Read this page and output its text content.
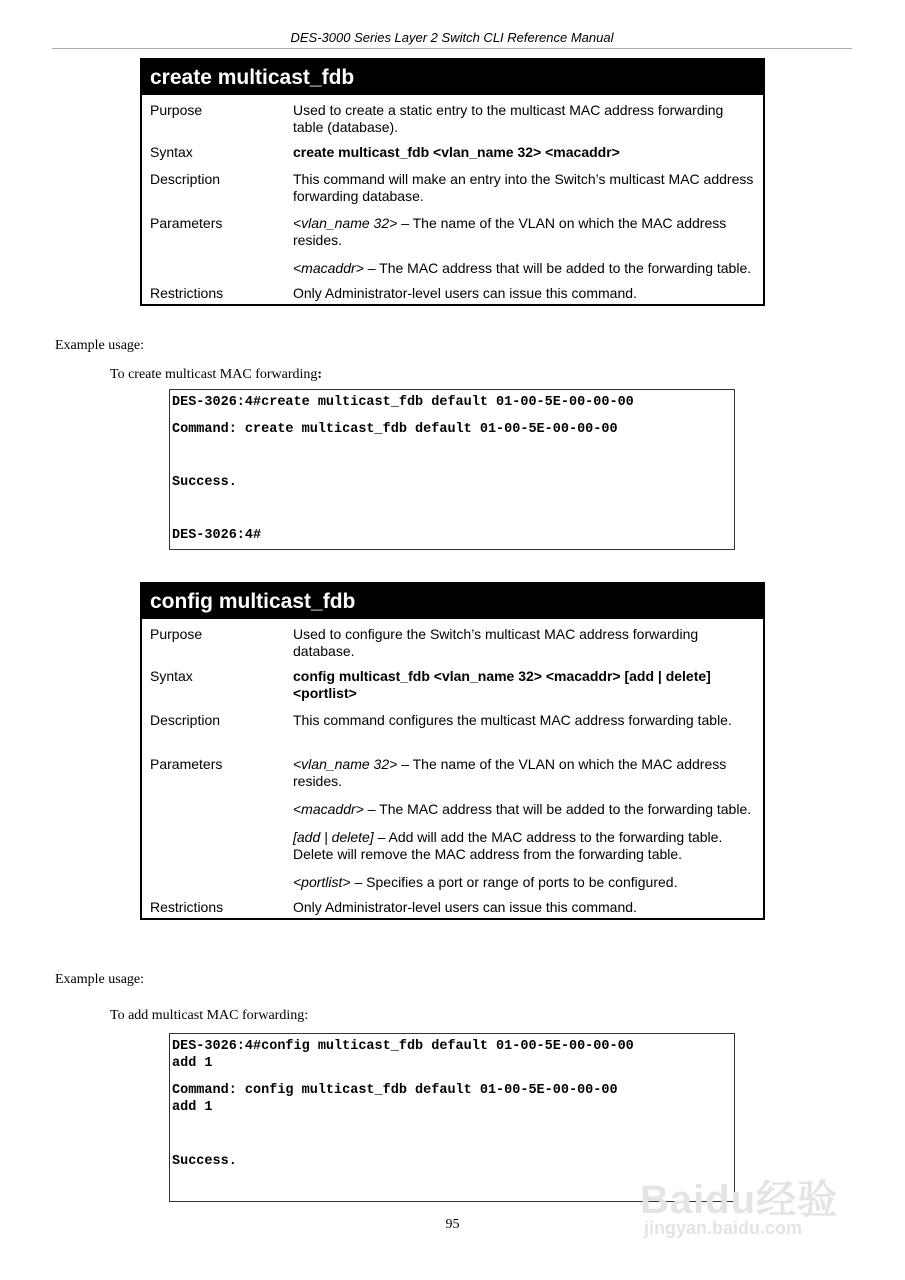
DES-3000 Series Layer 2 Switch CLI Reference Manual
create multicast_fdb
Purpose	Used to create a static entry to the multicast MAC address forwarding table (database).
Syntax	create multicast_fdb <vlan_name 32> <macaddr>
Description	This command will make an entry into the Switch’s multicast MAC address forwarding database.
Parameters	<vlan_name 32> – The name of the VLAN on which the MAC address resides.
<macaddr> – The MAC address that will be added to the forwarding table.

Restrictions	Only Administrator-level users can issue this command.
Example usage:
To create multicast MAC forwarding:
DES-3026:4#create multicast_fdb default 01-00-5E-00-00-00
Command: create multicast_fdb default 01-00-5E-00-00-00
Success.
DES-3026:4#
config multicast_fdb
Purpose	Used to configure the Switch’s multicast MAC address forwarding database.
Syntax	config multicast_fdb <vlan_name 32> <macaddr> [add | delete]
<portlist>

Description	This command configures the multicast MAC address forwarding table.
Parameters	<vlan_name 32> – The name of the VLAN on which the MAC address resides.
<macaddr> – The MAC address that will be added to the forwarding table.
[add | delete] – Add will add the MAC address to the forwarding table. Delete will remove the MAC address from the forwarding table.
<portlist> – Specifies a port or range of ports to be configured.

Restrictions	Only Administrator-level users can issue this command.
Example usage:
To add multicast MAC forwarding:
DES-3026:4#config multicast_fdb default 01-00-5E-00-00-00
add 1
Command: config multicast_fdb default 01-00-5E-00-00-00
add 1
Success.
95
Baidu经验
jingyan.baidu.com
